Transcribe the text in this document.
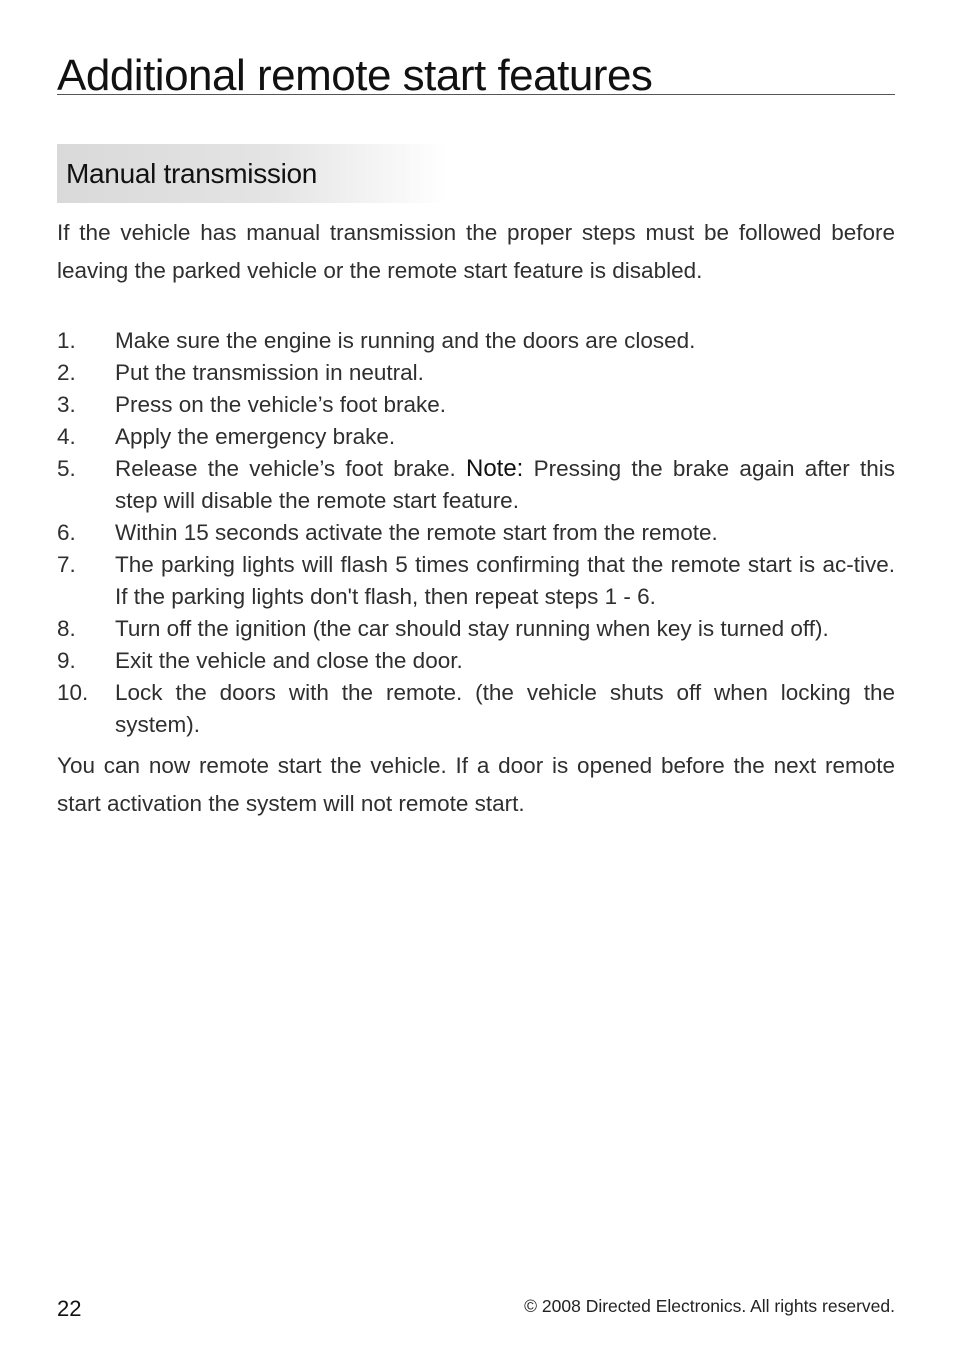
Additional remote start features
Manual transmission

If the vehicle has manual transmission the proper steps must be followed before leaving the parked vehicle or the remote start feature is disabled.

1.	Make sure the engine is running and the doors are closed.
2.	Put the transmission in neutral.
3.	Press on the vehicle’s foot brake.
4.	Apply the emergency brake.
5.	Release the vehicle’s foot brake. Note: Pressing the brake again after this step will disable the remote start feature.
6.	Within 15 seconds activate the remote start from the remote.
7.	The parking lights will flash 5 times confirming that the remote start is ac-tive. If the parking lights don't flash, then repeat steps 1 - 6.
8.	Turn off the ignition (the car should stay running when key is turned off).
9.	Exit the vehicle and close the door.
10.	Lock the doors with the remote. (the vehicle shuts off when locking the system).

You can now remote start the vehicle. If a door is opened before the next remote start activation the system will not remote start.

22	© 2008 Directed Electronics. All rights reserved.
